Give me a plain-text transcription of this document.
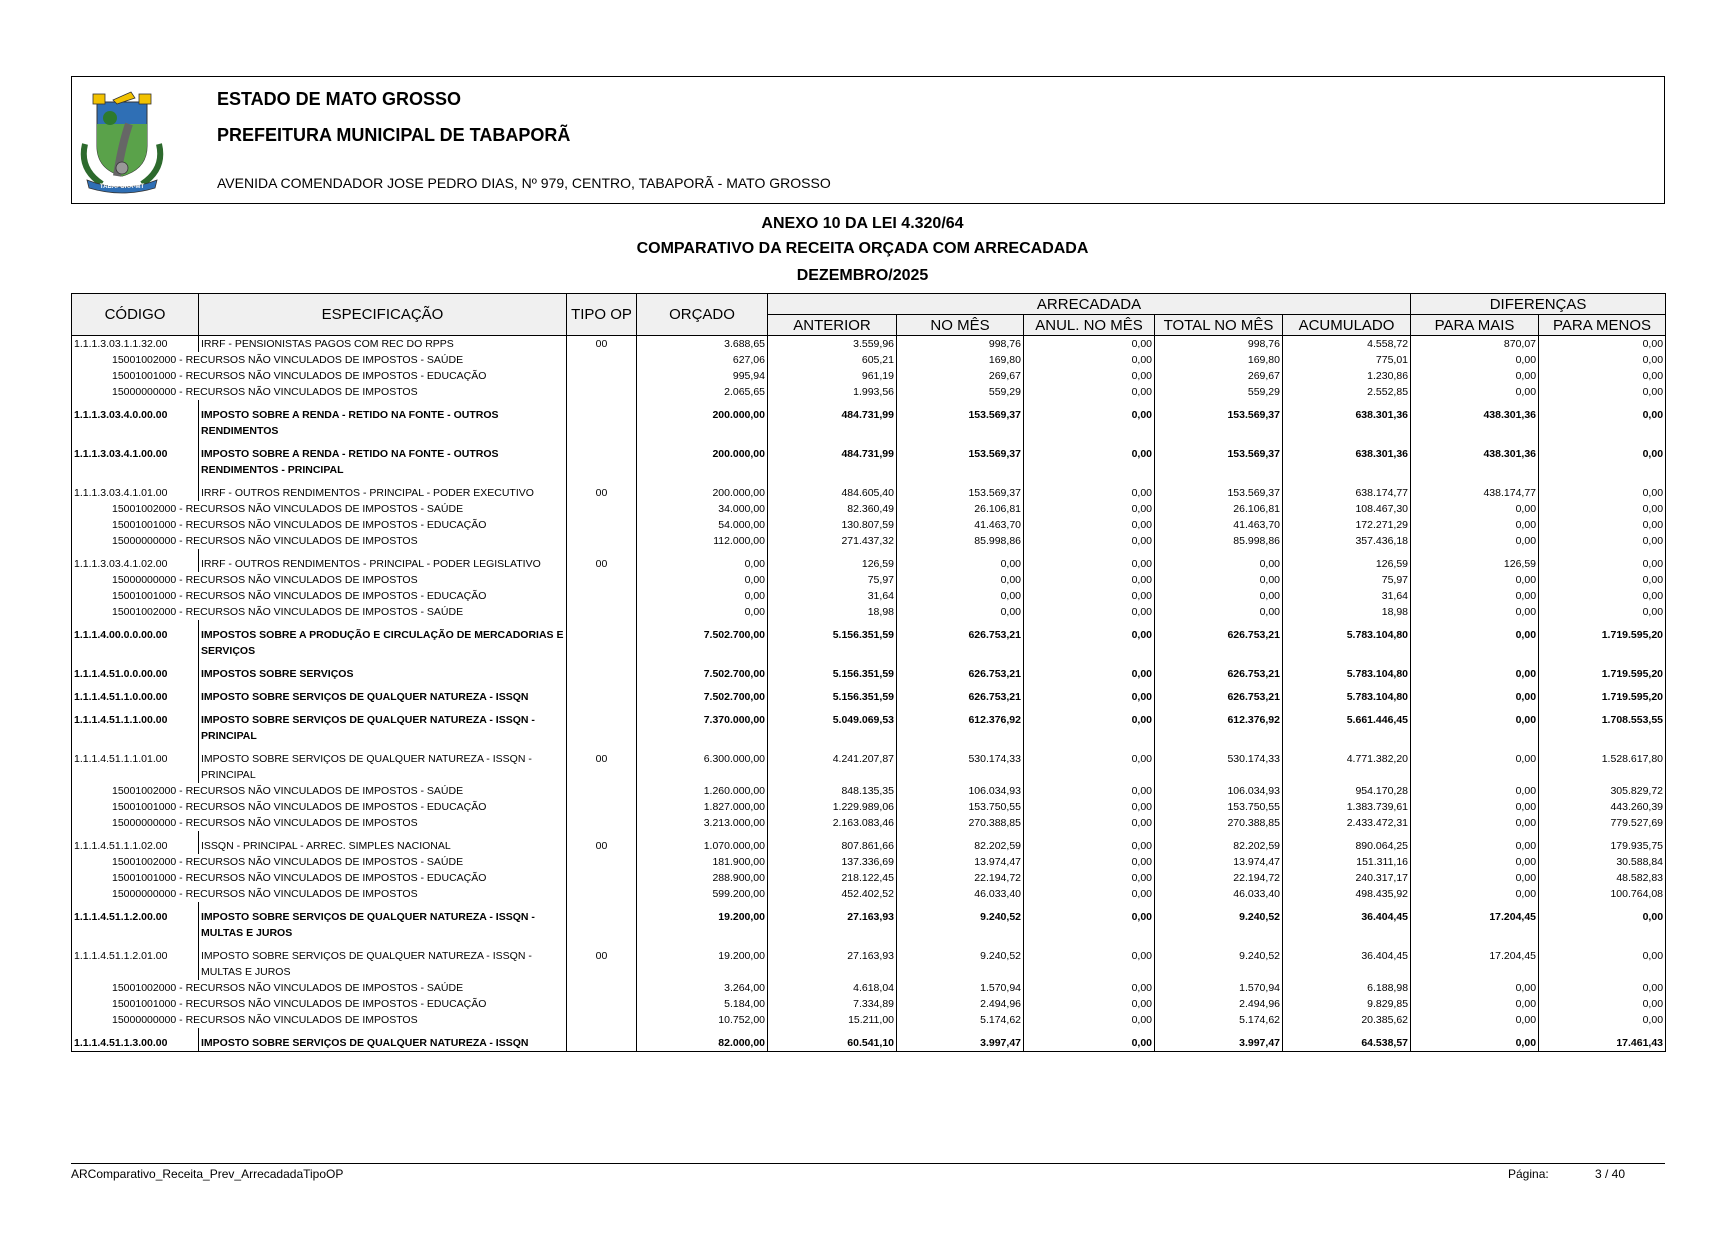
TABAPORÃ-MT
ESTADO DE MATO GROSSO
PREFEITURA MUNICIPAL DE TABAPORÃ
AVENIDA COMENDADOR JOSE PEDRO DIAS, Nº 979, CENTRO, TABAPORÃ - MATO GROSSO
ANEXO 10 DA LEI 4.320/64
COMPARATIVO DA RECEITA ORÇADA COM ARRECADADA
DEZEMBRO/2025
CÓDIGO	ESPECIFICAÇÃO	TIPO OP	ORÇADO	ARRECADADA					DIFERENÇAS	
				ANTERIOR	NO MÊS	ANUL. NO MÊS	TOTAL NO MÊS	ACUMULADO	PARA MAIS	PARA MENOS
1.1.1.3.03.1.1.32.00	IRRF - PENSIONISTAS PAGOS COM REC DO RPPS	00	3.688,65	3.559,96	998,76	0,00	998,76	4.558,72	870,07	0,00
15001002000 - RECURSOS NÃO VINCULADOS DE IMPOSTOS - SAÚDE			627,06	605,21	169,80	0,00	169,80	775,01	0,00	0,00
15001001000 - RECURSOS NÃO VINCULADOS DE IMPOSTOS - EDUCAÇÃO			995,94	961,19	269,67	0,00	269,67	1.230,86	0,00	0,00
15000000000 - RECURSOS NÃO VINCULADOS DE IMPOSTOS			2.065,65	1.993,56	559,29	0,00	559,29	2.552,85	0,00	0,00
1.1.1.3.03.4.0.00.00	IMPOSTO SOBRE A RENDA - RETIDO NA FONTE - OUTROS RENDIMENTOS		200.000,00	484.731,99	153.569,37	0,00	153.569,37	638.301,36	438.301,36	0,00
1.1.1.3.03.4.1.00.00	IMPOSTO SOBRE A RENDA - RETIDO NA FONTE - OUTROS RENDIMENTOS - PRINCIPAL		200.000,00	484.731,99	153.569,37	0,00	153.569,37	638.301,36	438.301,36	0,00
1.1.1.3.03.4.1.01.00	IRRF - OUTROS RENDIMENTOS - PRINCIPAL - PODER EXECUTIVO	00	200.000,00	484.605,40	153.569,37	0,00	153.569,37	638.174,77	438.174,77	0,00
15001002000 - RECURSOS NÃO VINCULADOS DE IMPOSTOS - SAÚDE			34.000,00	82.360,49	26.106,81	0,00	26.106,81	108.467,30	0,00	0,00
15001001000 - RECURSOS NÃO VINCULADOS DE IMPOSTOS - EDUCAÇÃO			54.000,00	130.807,59	41.463,70	0,00	41.463,70	172.271,29	0,00	0,00
15000000000 - RECURSOS NÃO VINCULADOS DE IMPOSTOS			112.000,00	271.437,32	85.998,86	0,00	85.998,86	357.436,18	0,00	0,00
1.1.1.3.03.4.1.02.00	IRRF - OUTROS RENDIMENTOS - PRINCIPAL - PODER LEGISLATIVO	00	0,00	126,59	0,00	0,00	0,00	126,59	126,59	0,00
15000000000 - RECURSOS NÃO VINCULADOS DE IMPOSTOS			0,00	75,97	0,00	0,00	0,00	75,97	0,00	0,00
15001001000 - RECURSOS NÃO VINCULADOS DE IMPOSTOS - EDUCAÇÃO			0,00	31,64	0,00	0,00	0,00	31,64	0,00	0,00
15001002000 - RECURSOS NÃO VINCULADOS DE IMPOSTOS - SAÚDE			0,00	18,98	0,00	0,00	0,00	18,98	0,00	0,00
1.1.1.4.00.0.0.00.00	IMPOSTOS SOBRE A PRODUÇÃO E CIRCULAÇÃO DE MERCADORIAS E SERVIÇOS		7.502.700,00	5.156.351,59	626.753,21	0,00	626.753,21	5.783.104,80	0,00	1.719.595,20
1.1.1.4.51.0.0.00.00	IMPOSTOS SOBRE SERVIÇOS		7.502.700,00	5.156.351,59	626.753,21	0,00	626.753,21	5.783.104,80	0,00	1.719.595,20
1.1.1.4.51.1.0.00.00	IMPOSTO SOBRE SERVIÇOS DE QUALQUER NATUREZA - ISSQN		7.502.700,00	5.156.351,59	626.753,21	0,00	626.753,21	5.783.104,80	0,00	1.719.595,20
1.1.1.4.51.1.1.00.00	IMPOSTO SOBRE SERVIÇOS DE QUALQUER NATUREZA - ISSQN - PRINCIPAL		7.370.000,00	5.049.069,53	612.376,92	0,00	612.376,92	5.661.446,45	0,00	1.708.553,55
1.1.1.4.51.1.1.01.00	IMPOSTO SOBRE SERVIÇOS DE QUALQUER NATUREZA - ISSQN - PRINCIPAL	00	6.300.000,00	4.241.207,87	530.174,33	0,00	530.174,33	4.771.382,20	0,00	1.528.617,80
15001002000 - RECURSOS NÃO VINCULADOS DE IMPOSTOS - SAÚDE			1.260.000,00	848.135,35	106.034,93	0,00	106.034,93	954.170,28	0,00	305.829,72
15001001000 - RECURSOS NÃO VINCULADOS DE IMPOSTOS - EDUCAÇÃO			1.827.000,00	1.229.989,06	153.750,55	0,00	153.750,55	1.383.739,61	0,00	443.260,39
15000000000 - RECURSOS NÃO VINCULADOS DE IMPOSTOS			3.213.000,00	2.163.083,46	270.388,85	0,00	270.388,85	2.433.472,31	0,00	779.527,69
1.1.1.4.51.1.1.02.00	ISSQN - PRINCIPAL - ARREC. SIMPLES NACIONAL	00	1.070.000,00	807.861,66	82.202,59	0,00	82.202,59	890.064,25	0,00	179.935,75
15001002000 - RECURSOS NÃO VINCULADOS DE IMPOSTOS - SAÚDE			181.900,00	137.336,69	13.974,47	0,00	13.974,47	151.311,16	0,00	30.588,84
15001001000 - RECURSOS NÃO VINCULADOS DE IMPOSTOS - EDUCAÇÃO			288.900,00	218.122,45	22.194,72	0,00	22.194,72	240.317,17	0,00	48.582,83
15000000000 - RECURSOS NÃO VINCULADOS DE IMPOSTOS			599.200,00	452.402,52	46.033,40	0,00	46.033,40	498.435,92	0,00	100.764,08
1.1.1.4.51.1.2.00.00	IMPOSTO SOBRE SERVIÇOS DE QUALQUER NATUREZA - ISSQN - MULTAS E JUROS		19.200,00	27.163,93	9.240,52	0,00	9.240,52	36.404,45	17.204,45	0,00
1.1.1.4.51.1.2.01.00	IMPOSTO SOBRE SERVIÇOS DE QUALQUER NATUREZA - ISSQN - MULTAS E JUROS	00	19.200,00	27.163,93	9.240,52	0,00	9.240,52	36.404,45	17.204,45	0,00
15001002000 - RECURSOS NÃO VINCULADOS DE IMPOSTOS - SAÚDE			3.264,00	4.618,04	1.570,94	0,00	1.570,94	6.188,98	0,00	0,00
15001001000 - RECURSOS NÃO VINCULADOS DE IMPOSTOS - EDUCAÇÃO			5.184,00	7.334,89	2.494,96	0,00	2.494,96	9.829,85	0,00	0,00
15000000000 - RECURSOS NÃO VINCULADOS DE IMPOSTOS			10.752,00	15.211,00	5.174,62	0,00	5.174,62	20.385,62	0,00	0,00
1.1.1.4.51.1.3.00.00	IMPOSTO SOBRE SERVIÇOS DE QUALQUER NATUREZA - ISSQN		82.000,00	60.541,10	3.997,47	0,00	3.997,47	64.538,57	0,00	17.461,43
ARComparativo_Receita_Prev_ArrecadadaTipoOP	Página:	3 / 40
